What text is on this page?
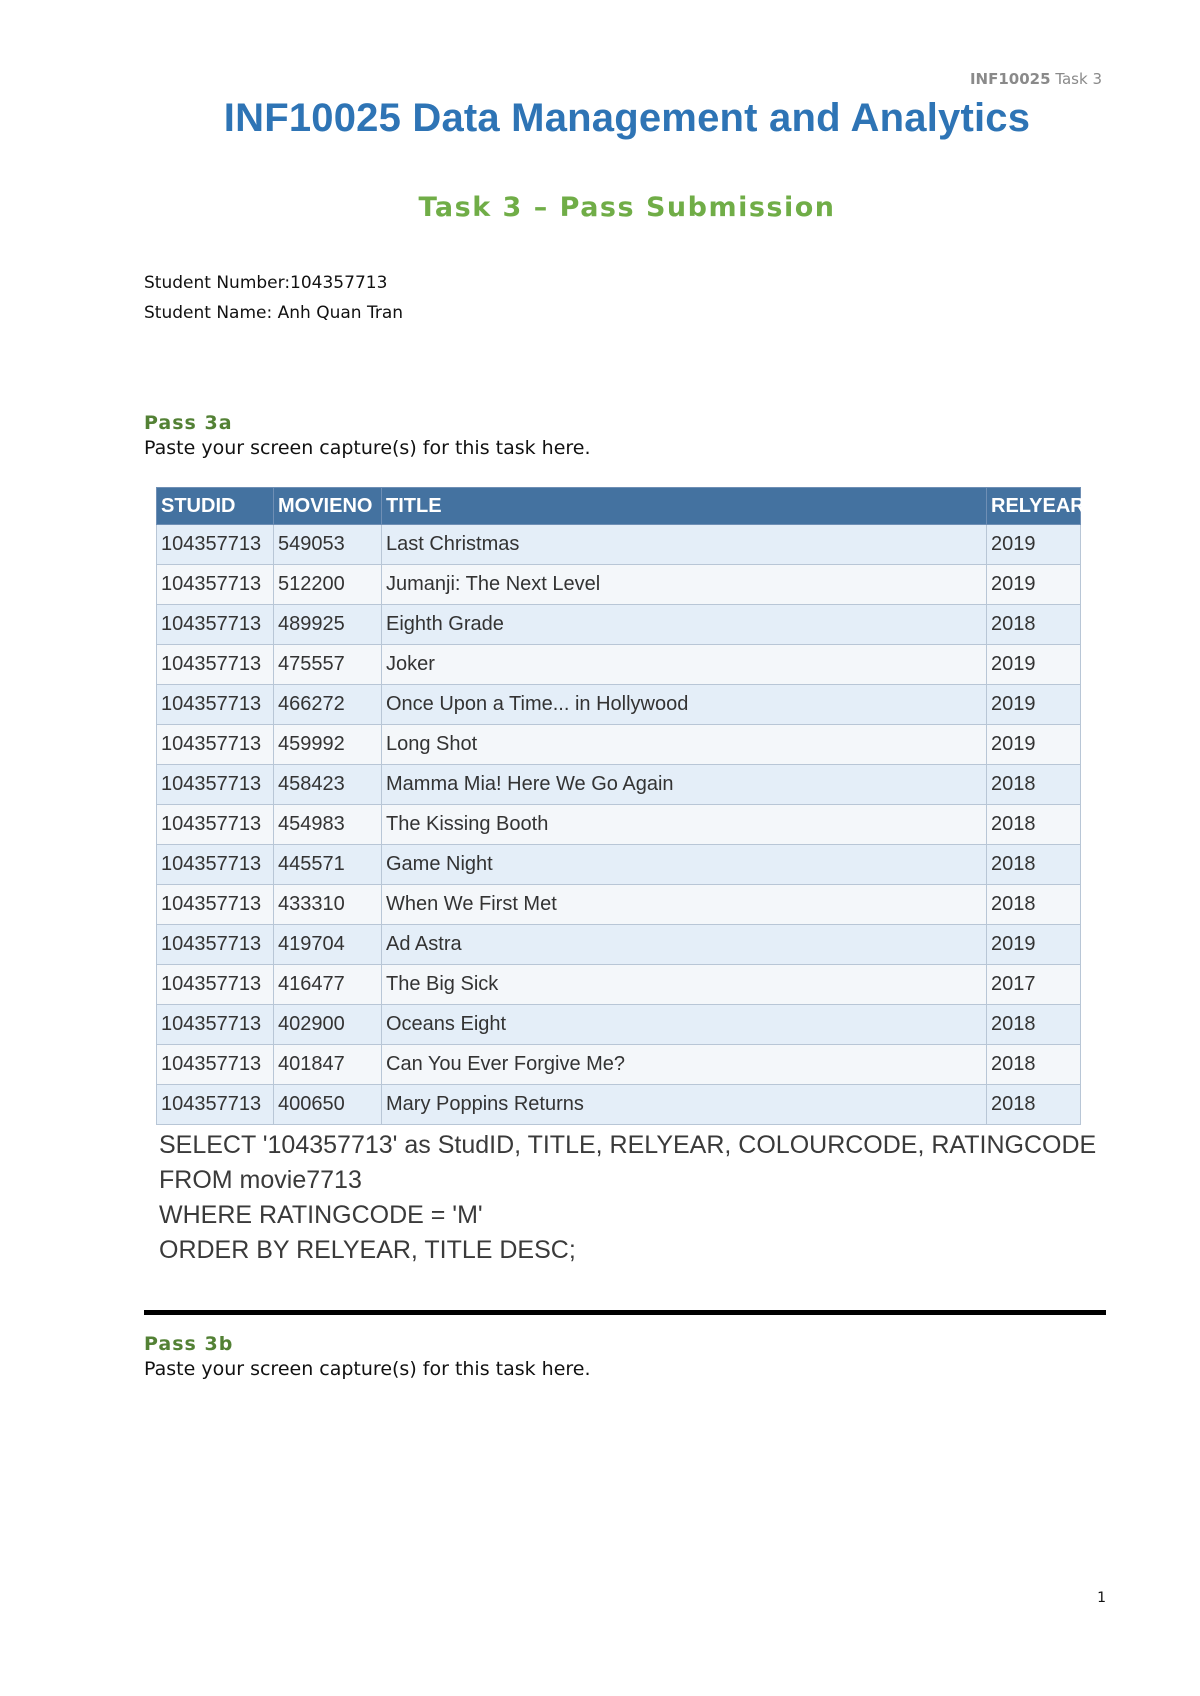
INF10025 Task 3
INF10025 Data Management and Analytics
Task 3 – Pass Submission
Student Number:104357713
Student Name: Anh Quan Tran
Pass 3a
Paste your screen capture(s) for this task here.
STUDID	MOVIENO	TITLE	RELYEAR
104357713	549053	Last Christmas	2019
104357713	512200	Jumanji: The Next Level	2019
104357713	489925	Eighth Grade	2018
104357713	475557	Joker	2019
104357713	466272	Once Upon a Time... in Hollywood	2019
104357713	459992	Long Shot	2019
104357713	458423	Mamma Mia! Here We Go Again	2018
104357713	454983	The Kissing Booth	2018
104357713	445571	Game Night	2018
104357713	433310	When We First Met	2018
104357713	419704	Ad Astra	2019
104357713	416477	The Big Sick	2017
104357713	402900	Oceans Eight	2018
104357713	401847	Can You Ever Forgive Me?	2018
104357713	400650	Mary Poppins Returns	2018
SELECT '104357713' as StudID, TITLE, RELYEAR, COLOURCODE, RATINGCODE
FROM movie7713
WHERE RATINGCODE = 'M'
ORDER BY RELYEAR, TITLE DESC;
Pass 3b
Paste your screen capture(s) for this task here.
1
